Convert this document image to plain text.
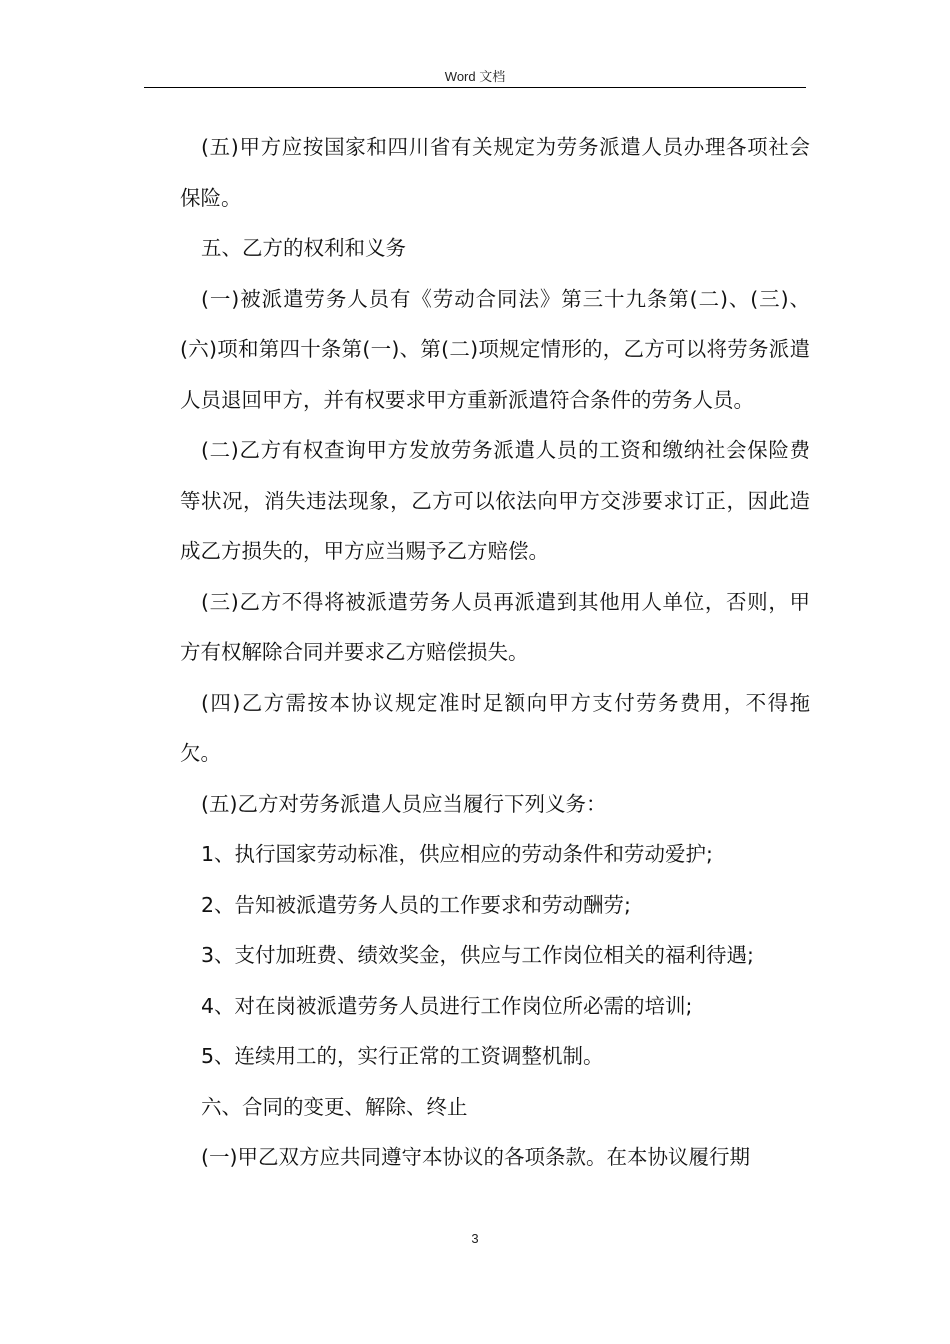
Word 文档

(五)甲方应按国家和四川省有关规定为劳务派遣人员办理各项社会保险。

五、乙方的权利和义务

(一)被派遣劳务人员有《劳动合同法》第三十九条第(二)、(三)、(六)项和第四十条第(一)、第(二)项规定情形的，乙方可以将劳务派遣人员退回甲方，并有权要求甲方重新派遣符合条件的劳务人员。

(二)乙方有权查询甲方发放劳务派遣人员的工资和缴纳社会保险费等状况，消失违法现象，乙方可以依法向甲方交涉要求订正，因此造成乙方损失的，甲方应当赐予乙方赔偿。

(三)乙方不得将被派遣劳务人员再派遣到其他用人单位，否则，甲方有权解除合同并要求乙方赔偿损失。

(四)乙方需按本协议规定准时足额向甲方支付劳务费用，不得拖欠。

(五)乙方对劳务派遣人员应当履行下列义务：

1、执行国家劳动标准，供应相应的劳动条件和劳动爱护;

2、告知被派遣劳务人员的工作要求和劳动酬劳;

3、支付加班费、绩效奖金，供应与工作岗位相关的福利待遇;

4、对在岗被派遣劳务人员进行工作岗位所必需的培训;

5、连续用工的，实行正常的工资调整机制。

六、合同的变更、解除、终止

(一)甲乙双方应共同遵守本协议的各项条款。在本协议履行期

3
